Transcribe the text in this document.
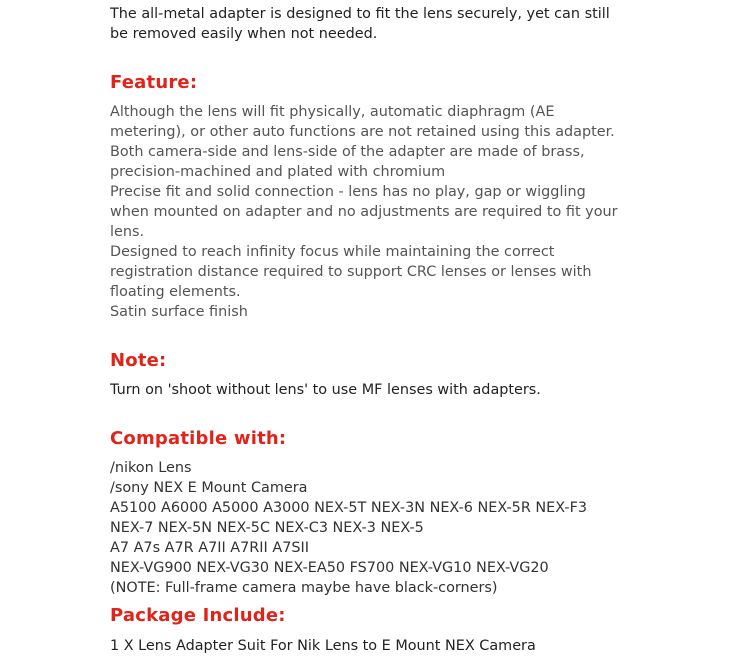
The all-metal adapter is designed to fit the lens securely, yet can still
be removed easily when not needed.

Feature:

Although the lens will fit physically, automatic diaphragm (AE
metering), or other auto functions are not retained using this adapter.

Both camera-side and lens-side of the adapter are made of brass,
precision-machined and plated with chromium

Precise fit and solid connection - lens has no play, gap or wiggling
when mounted on adapter and no adjustments are required to fit your
lens.

Designed to reach infinity focus while maintaining the correct
registration distance required to support CRC lenses or lenses with
floating elements.

Satin surface finish

Note:

Turn on 'shoot without lens' to use MF lenses with adapters.

Compatible with:

/nikon Lens
/sony NEX E Mount Camera
A5100 A6000 A5000 A3000 NEX-5T NEX-3N NEX-6 NEX-5R NEX-F3
NEX-7 NEX-5N NEX-5C NEX-C3 NEX-3 NEX-5
A7 A7s A7R A7II A7RII A7SII
NEX-VG900 NEX-VG30 NEX-EA50 FS700 NEX-VG10 NEX-VG20
(NOTE: Full-frame camera maybe have black-corners)

Package Include:

1 X Lens Adapter Suit For Nik Lens to E Mount NEX Camera
